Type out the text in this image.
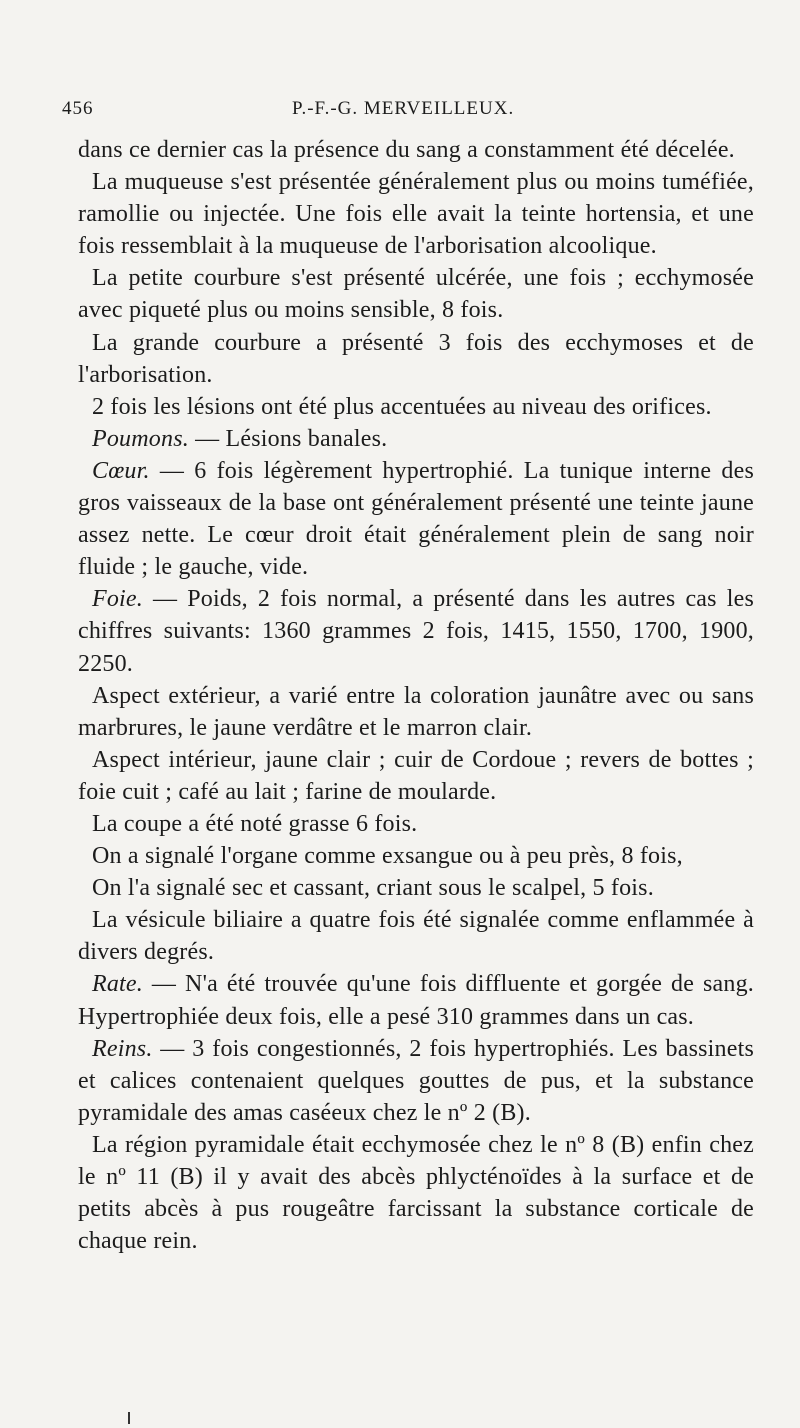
456	P.-F.-G. MERVEILLEUX.

dans ce dernier cas la présence du sang a constamment été décelée.

La muqueuse s'est présentée généralement plus ou moins tuméfiée, ramollie ou injectée. Une fois elle avait la teinte hortensia, et une fois ressemblait à la muqueuse de l'arborisation alcoolique.

La petite courbure s'est présenté ulcérée, une fois ; ecchymosée avec piqueté plus ou moins sensible, 8 fois.

La grande courbure a présenté 3 fois des ecchymoses et de l'arborisation.

2 fois les lésions ont été plus accentuées au niveau des orifices.

Poumons. — Lésions banales.

Cœur. — 6 fois légèrement hypertrophié. La tunique interne des gros vaisseaux de la base ont généralement présenté une teinte jaune assez nette. Le cœur droit était généralement plein de sang noir fluide ; le gauche, vide.

Foie. — Poids, 2 fois normal, a présenté dans les autres cas les chiffres suivants: 1360 grammes 2 fois, 1415, 1550, 1700, 1900, 2250.

Aspect extérieur, a varié entre la coloration jaunâtre avec ou sans marbrures, le jaune verdâtre et le marron clair.

Aspect intérieur, jaune clair ; cuir de Cordoue ; revers de bottes ; foie cuit ; café au lait ; farine de moularde.

La coupe a été noté grasse 6 fois.

On a signalé l'organe comme exsangue ou à peu près, 8 fois,

On l'a signalé sec et cassant, criant sous le scalpel, 5 fois.

La vésicule biliaire a quatre fois été signalée comme enflammée à divers degrés.

Rate. — N'a été trouvée qu'une fois diffluente et gorgée de sang. Hypertrophiée deux fois, elle a pesé 310 grammes dans un cas.

Reins. — 3 fois congestionnés, 2 fois hypertrophiés. Les bassinets et calices contenaient quelques gouttes de pus, et la substance pyramidale des amas caséeux chez le nº 2 (B).

La région pyramidale était ecchymosée chez le nº 8 (B) enfin chez le nº 11 (B) il y avait des abcès phlycténoïdes à la surface et de petits abcès à pus rougeâtre farcissant la substance corticale de chaque rein.
